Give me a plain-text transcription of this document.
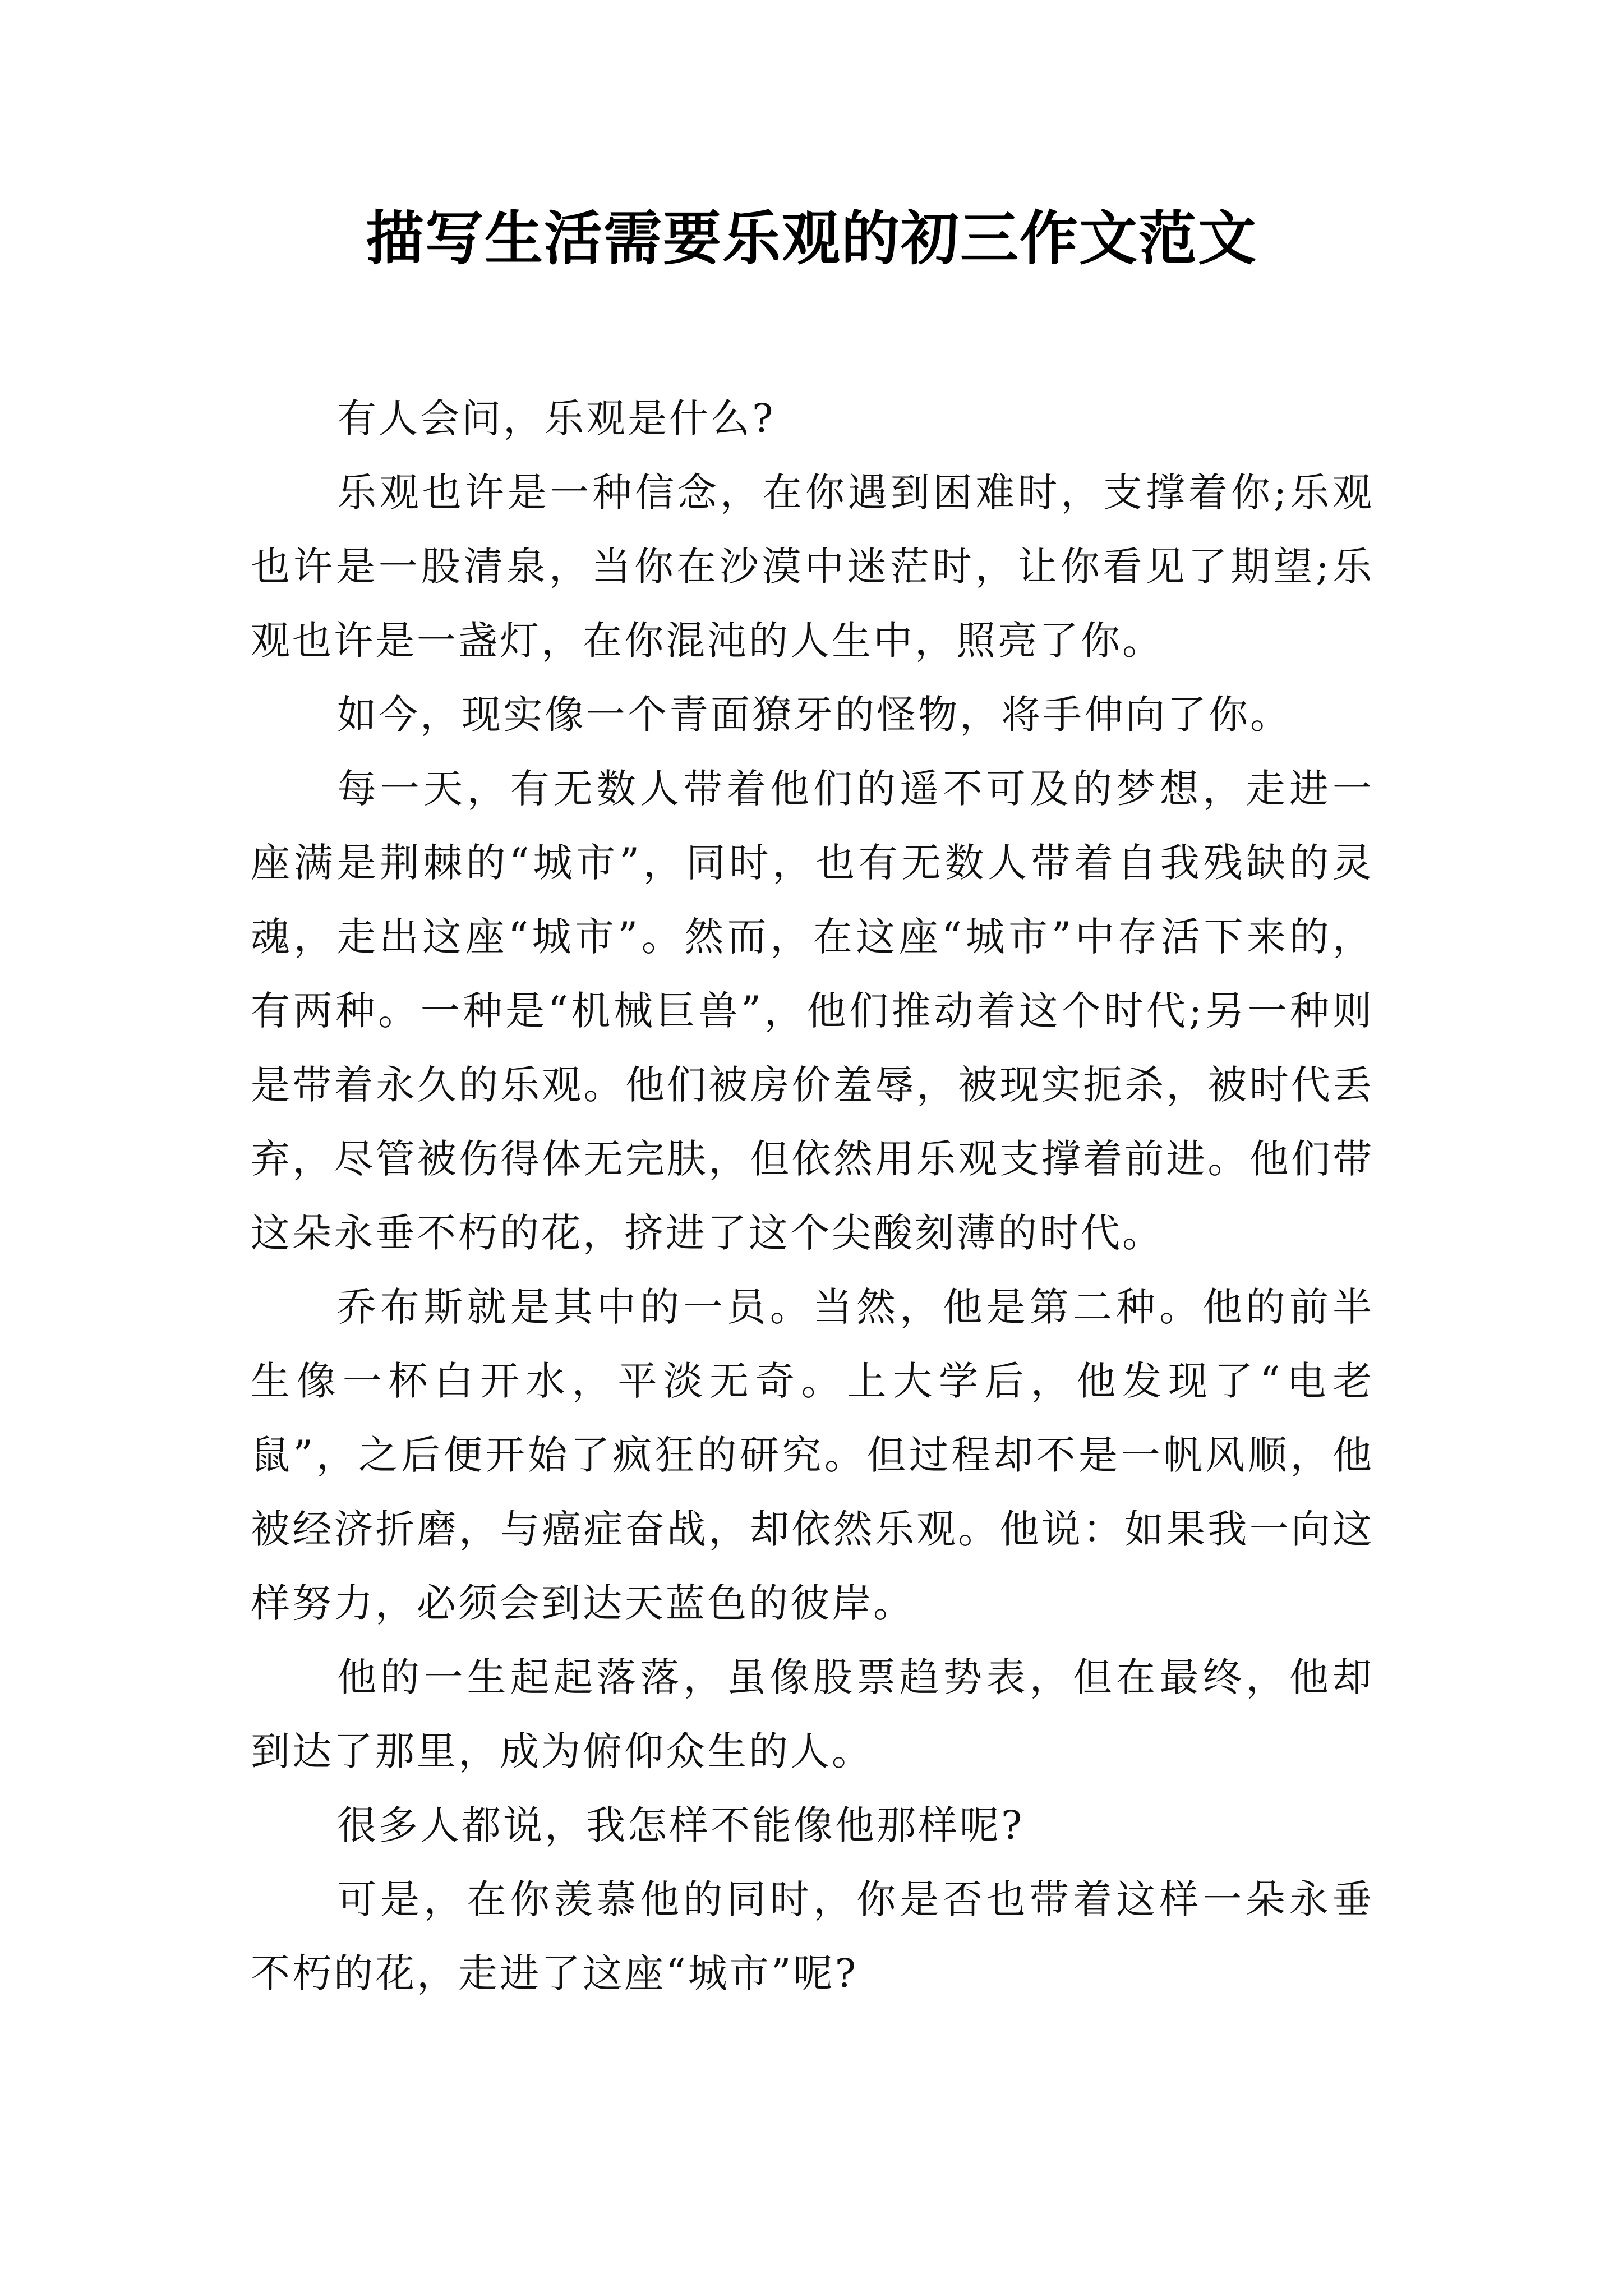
描写生活需要乐观的初三作文范文

有人会问，乐观是什么?

乐观也许是一种信念，在你遇到困难时，支撑着你;乐观也许是一股清泉，当你在沙漠中迷茫时，让你看见了期望;乐观也许是一盏灯，在你混沌的人生中，照亮了你。

如今，现实像一个青面獠牙的怪物，将手伸向了你。

每一天，有无数人带着他们的遥不可及的梦想，走进一座满是荆棘的“城市”，同时，也有无数人带着自我残缺的灵魂，走出这座“城市”。然而，在这座“城市”中存活下来的，有两种。一种是“机械巨兽”，他们推动着这个时代;另一种则是带着永久的乐观。他们被房价羞辱，被现实扼杀，被时代丢弃，尽管被伤得体无完肤，但依然用乐观支撑着前进。他们带这朵永垂不朽的花，挤进了这个尖酸刻薄的时代。

乔布斯就是其中的一员。当然，他是第二种。他的前半生像一杯白开水，平淡无奇。上大学后，他发现了“电老鼠”，之后便开始了疯狂的研究。但过程却不是一帆风顺，他被经济折磨，与癌症奋战，却依然乐观。他说：如果我一向这样努力，必须会到达天蓝色的彼岸。

他的一生起起落落，虽像股票趋势表，但在最终，他却到达了那里，成为俯仰众生的人。

很多人都说，我怎样不能像他那样呢?

可是，在你羡慕他的同时，你是否也带着这样一朵永垂不朽的花，走进了这座“城市”呢?
